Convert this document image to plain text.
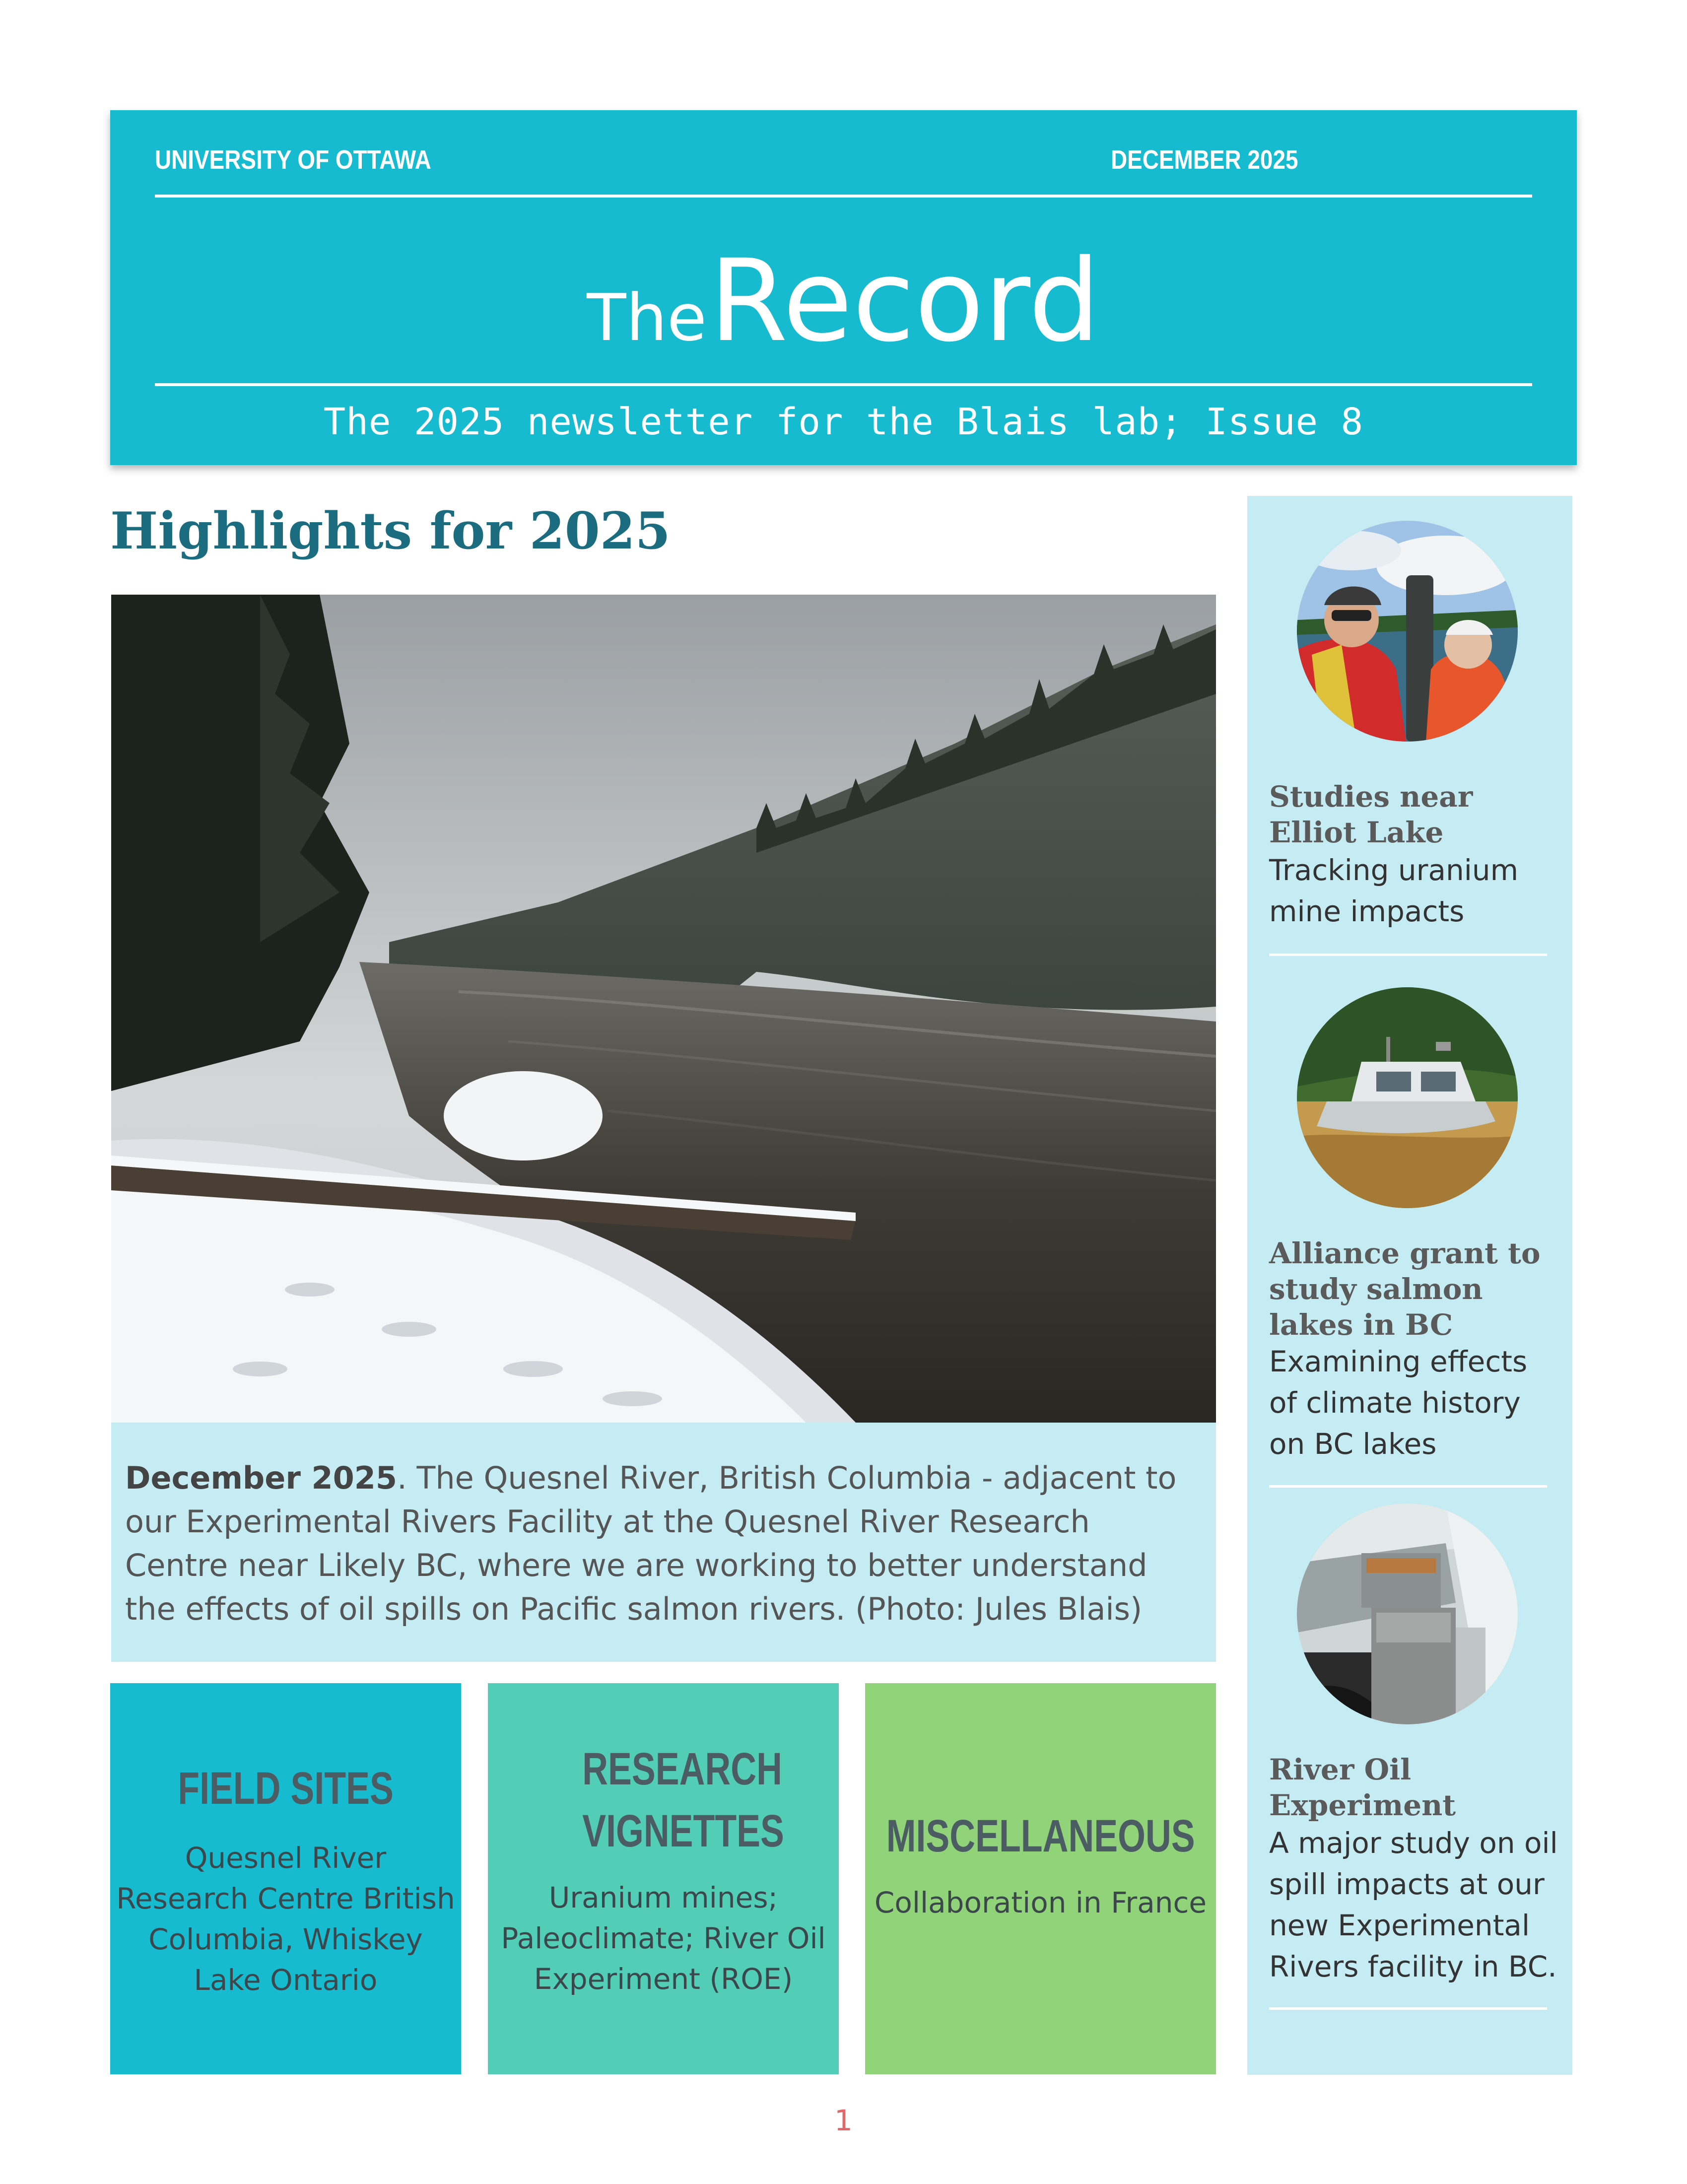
UNIVERSITY OF OTTAWA	DECEMBER 2025
The Record
The 2025 newsletter for the Blais lab; Issue 8
Highlights for 2025
December 2025. The Quesnel River, British Columbia - adjacent to our Experimental Rivers Facility at the Quesnel River Research Centre near Likely BC, where we are working to better understand the effects of oil spills on Pacific salmon rivers. (Photo: Jules Blais)
FIELD SITES
Quesnel River Research Centre British Columbia, Whiskey Lake Ontario
RESEARCH VIGNETTES
Uranium mines; Paleoclimate; River Oil Experiment (ROE)
MISCELLANEOUS
Collaboration in France
Studies near Elliot Lake
Tracking uranium mine impacts
Alliance grant to study salmon lakes in BC
Examining effects of climate history on BC lakes
River Oil Experiment
A major study on oil spill impacts at our new Experimental Rivers facility in BC.
1
